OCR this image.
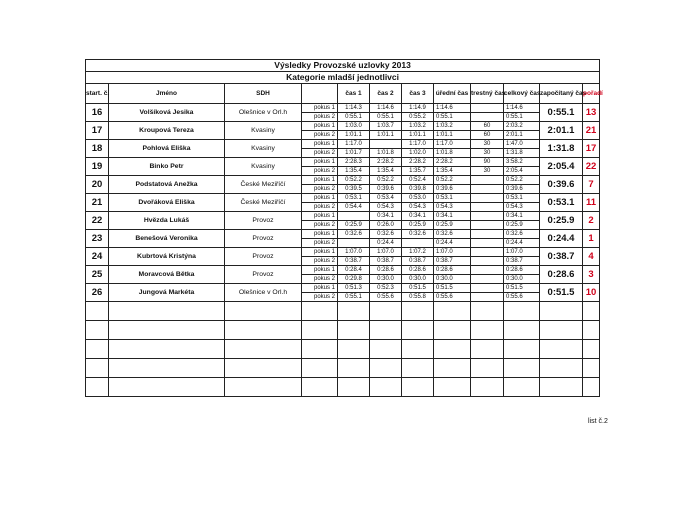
Výsledky Provozské uzlovky 2013											
Kategorie mladší jednotlivci											
start. č.	Jméno	SDH		čas 1	čas 2	čas 3	úřední čas	trestný čas	celkový čas	započítaný čas	pořadí
16	Volšíková Jesika	Olešnice v Orl.h	pokus 1	1:14.3	1:14.6	1:14.9	1:14.6		1:14.6	0:55.1	13
			pokus 2	0:55.1	0:55.1	0:55.2	0:55.1		0:55.1		
17	Kroupová Tereza	Kvasiny	pokus 1	1:03.0	1:03.7	1:03.2	1:03.2	60	2:03.2	2:01.1	21
			pokus 2	1:01.1	1:01.1	1:01.1	1:01.1	60	2:01.1		
18	Pohlová Eliška	Kvasiny	pokus 1	1:17.0		1:17.0	1:17.0	30	1:47.0	1:31.8	17
			pokus 2	1:01.7	1:01.8	1:02.0	1:01.8	30	1:31.8		
19	Binko Petr	Kvasiny	pokus 1	2:28.3	2:28.2	2:28.2	2:28.2	90	3:58.2	2:05.4	22
			pokus 2	1:35.4	1:35.4	1:35.7	1:35.4	30	2:05.4		
20	Podstatová Anežka	České Meziříčí	pokus 1	0:52.2	0:52.2	0:52.4	0:52.2		0:52.2	0:39.6	7
			pokus 2	0:39.5	0:39.6	0:39.8	0:39.6		0:39.6		
21	Dvořáková Eliška	České Meziříčí	pokus 1	0:53.1	0:53.4	0:53.0	0:53.1		0:53.1	0:53.1	11
			pokus 2	0:54.4	0:54.3	0:54.3	0:54.3		0:54.3		
22	Hvězda Lukáš	Provoz	pokus 1		0:34.1	0:34.1	0:34.1		0:34.1	0:25.9	2
			pokus 2	0:25.9	0:26.0	0:25.9	0:25.9		0:25.9		
23	Benešová Veronika	Provoz	pokus 1	0:32.6	0:32.6	0:32.6	0:32.6		0:32.6	0:24.4	1
			pokus 2		0:24.4		0:24.4		0:24.4		
24	Kubrtová Kristýna	Provoz	pokus 1	1:07.0	1:07.0	1:07.2	1:07.0		1:07.0	0:38.7	4
			pokus 2	0:38.7	0:38.7	0:38.7	0:38.7		0:38.7		
25	Moravcová Bětka	Provoz	pokus 1	0:28.4	0:28.6	0:28.6	0:28.6		0:28.6	0:28.6	3
			pokus 2	0:29.8	0:30.0	0:30.0	0:30.0		0:30.0		
26	Jungová Markéta	Olešnice v Orl.h	pokus 1	0:51.3	0:52.3	0:51.5	0:51.5		0:51.5	0:51.5	10
			pokus 2	0:55.1	0:55.6	0:55.8	0:55.6		0:55.6		

list č.2
